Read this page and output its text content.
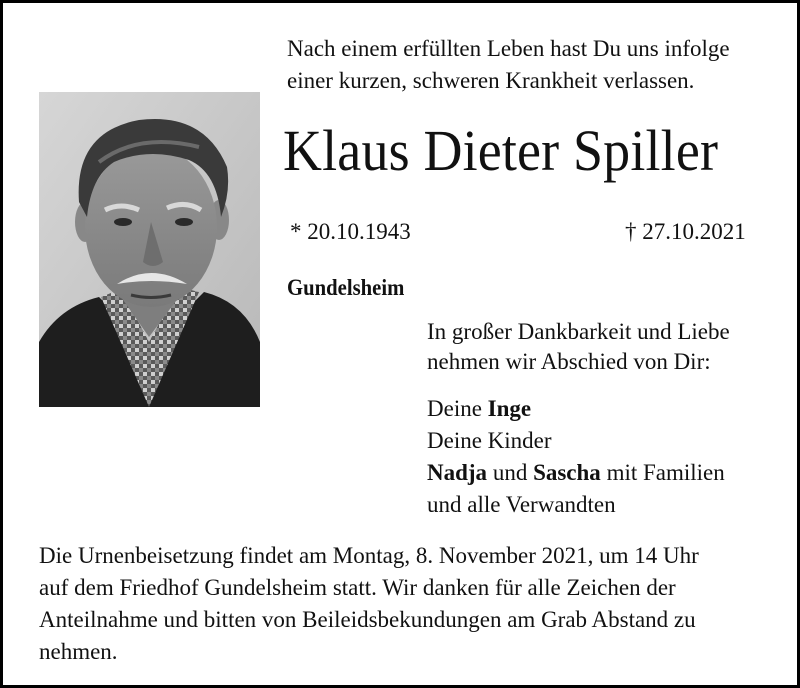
Nach einem erfüllten Leben hast Du uns infolge
einer kurzen, schweren Krankheit verlassen.
Klaus Dieter Spiller
* 20.10.1943	† 27.10.2021
Gundelsheim
In großer Dankbarkeit und Liebe
nehmen wir Abschied von Dir:
Deine Inge
Deine Kinder
Nadja und Sascha mit Familien
und alle Verwandten
Die Urnenbeisetzung findet am Montag, 8. November 2021, um 14 Uhr
auf dem Friedhof Gundelsheim statt. Wir danken für alle Zeichen der
Anteilnahme und bitten von Beileidsbekundungen am Grab Abstand zu
nehmen.
